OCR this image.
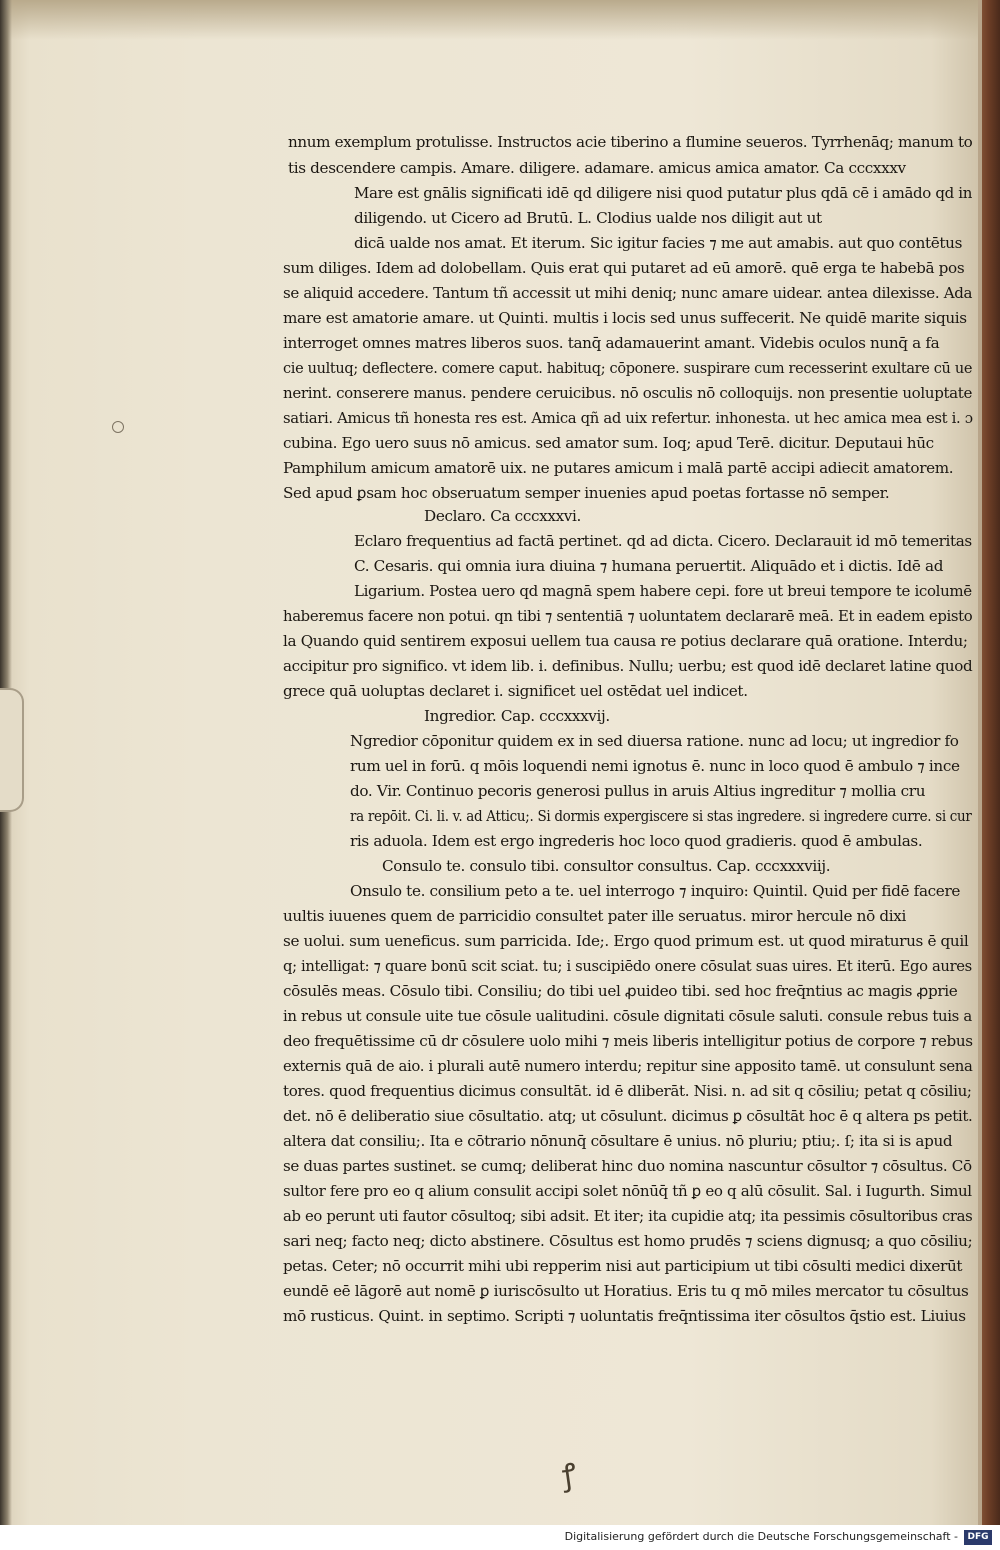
nnum exemplum protulisse. Instructos acie tiberino a flumine seueros. Tyrrhenāq; manum to
tis descendere campis. Amare. diligere. adamare. amicus amica amator. Ca cccxxxv
Mare est gnālis significati idē qd diligere nisi quod putatur plus qdā cē i amādo qd in
diligendo. ut Cicero ad Brutū. L. Clodius ualde nos diligit aut ut
dicā ualde nos amat. Et iterum. Sic igitur facies ⁊ me aut amabis. aut quo contētus
sum diliges. Idem ad dolobellam. Quis erat qui putaret ad eū amorē. quē erga te habebā pos
se aliquid accedere. Tantum tñ accessit ut mihi deniq; nunc amare uidear. antea dilexisse. Ada
mare est amatorie amare. ut Quinti. multis i locis sed unus suffecerit. Ne quidē marite siquis
interroget omnes matres liberos suos. tanq̄ adamauerint amant. Videbis oculos nunq̄ a fa
cie uultuq; deflectere. comere caput. habituq; cōponere. suspirare cum recesserint exultare cū ue
nerint. conserere manus. pendere ceruicibus. nō osculis nō colloquijs. non presentie uoluptate
satiari. Amicus tñ honesta res est. Amica qñ ad uix refertur. inhonesta. ut hec amica mea est i. ɔ
cubina. Ego uero suus nō amicus. sed amator sum. Ioq; apud Terē. dicitur. Deputaui hūc
Pamphilum amicum amatorē uix. ne putares amicum i malā partē accipi adiecit amatorem.
Sed apud ꝑsam hoc obseruatum semper inuenies apud poetas fortasse nō semper.
Declaro. Ca cccxxxvi.
Eclaro frequentius ad factā pertinet. qd ad dicta. Cicero. Declarauit id mō temeritas
C. Cesaris. qui omnia iura diuina ⁊ humana peruertit. Aliquādo et i dictis. Idē ad
Ligarium. Postea uero qd magnā spem habere cepi. fore ut breui tempore te icolumē
haberemus facere non potui. qn tibi ⁊ sententiā ⁊ uoluntatem declararē meā. Et in eadem episto
la Quando quid sentirem exposui uellem tua causa re potius declarare quā oratione. Interdu;
accipitur pro significo. vt idem lib. i. definibus. Nullu; uerbu; est quod idē declaret latine quod
grece quā uoluptas declaret i. significet uel ostēdat uel indicet.
Ingredior. Cap. cccxxxvij.
Ngredior cōponitur quidem ex in sed diuersa ratione. nunc ad locu; ut ingredior fo
rum uel in forū. q mōis loquendi nemi ignotus ē. nunc in loco quod ē ambulo ⁊ ince
do. Vir. Continuo pecoris generosi pullus in aruis Altius ingreditur ⁊ mollia cru
ra repōit. Ci. li. v. ad Atticu;. Si dormis expergiscere si stas ingredere. si ingredere curre. si cur
ris aduola. Idem est ergo ingrederis hoc loco quod gradieris. quod ē ambulas.
Consulo te. consulo tibi. consultor consultus. Cap. cccxxxviij.
Onsulo te. consilium peto a te. uel interrogo ⁊ inquiro: Quintil. Quid per fidē facere
uultis iuuenes quem de parricidio consultet pater ille seruatus. miror hercule nō dixi
se uolui. sum ueneficus. sum parricida. Ide;. Ergo quod primum est. ut quod miraturus ē quil
q; intelligat: ⁊ quare bonū scit sciat. tu; i suscipiēdo onere cōsulat suas uires. Et iterū. Ego aures
cōsulēs meas. Cōsulo tibi. Consiliu; do tibi uel ꝓuideo tibi. sed hoc freq̄ntius ac magis ꝓprie
in rebus ut consule uite tue cōsule ualitudini. cōsule dignitati cōsule saluti. consule rebus tuis a
deo frequētissime cū dr cōsulere uolo mihi ⁊ meis liberis intelligitur potius de corpore ⁊ rebus
externis quā de aio. i plurali autē numero interdu; repitur sine apposito tamē. ut consulunt sena
tores. quod frequentius dicimus consultāt. id ē dliberāt. Nisi. n. ad sit q cōsiliu; petat q cōsiliu;
det. nō ē deliberatio siue cōsultatio. atq; ut cōsulunt. dicimus ꝑ cōsultāt hoc ē q altera ps petit.
altera dat consiliu;. Ita e cōtrario nōnunq̄ cōsultare ē unius. nō pluriu; ptiu;. ſ; ita si is apud
se duas partes sustinet. se cumq; deliberat hinc duo nomina nascuntur cōsultor ⁊ cōsultus. Cō
sultor fere pro eo q alium consulit accipi solet nōnūq̄ tñ ꝑ eo q alū cōsulit. Sal. i Iugurth. Simul
ab eo perunt uti fautor cōsultoq; sibi adsit. Et iter; ita cupidie atq; ita pessimis cōsultoribus cras
sari neq; facto neq; dicto abstinere. Cōsultus est homo prudēs ⁊ sciens dignusq; a quo cōsiliu;
petas. Ceter; nō occurrit mihi ubi repperim nisi aut participium ut tibi cōsulti medici dixerūt
eundē eē lāgorē aut nomē ꝑ iuriscōsulto ut Horatius. Eris tu q mō miles mercator tu cōsultus
mō rusticus. Quint. in septimo. Scripti ⁊ uoluntatis freq̄ntissima iter cōsultos q̄stio est. Liuius
ꝭ
Digitalisierung gefördert durch die Deutsche Forschungsgemeinschaft -	DFG
